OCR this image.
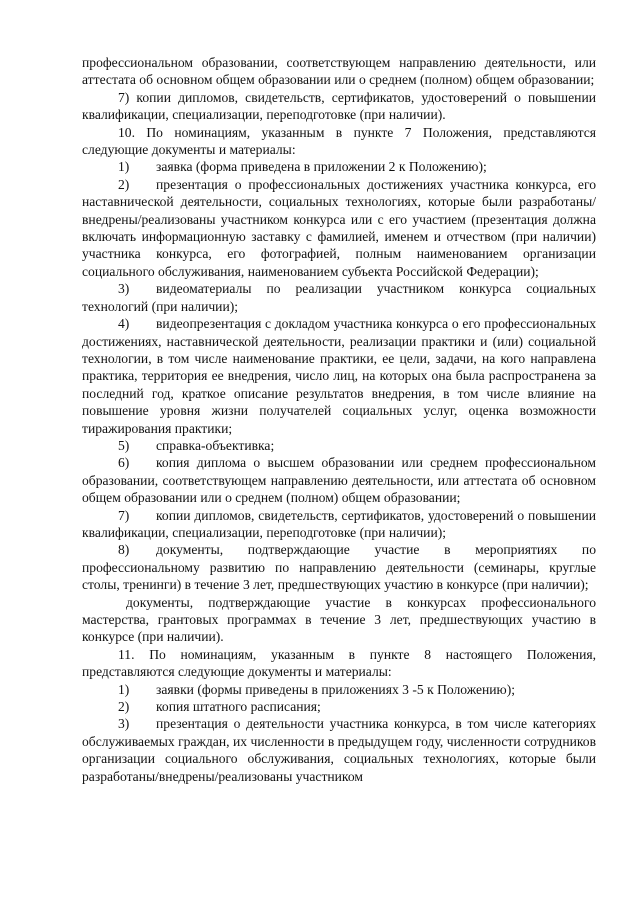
профессиональном образовании, соответствующем направлению деятельности, или аттестата об основном общем образовании или о среднем (полном) общем образовании;

7) копии дипломов, свидетельств, сертификатов, удостоверений о повышении квалификации, специализации, переподготовке (при наличии).

10. По номинациям, указанным в пункте 7 Положения, представляются следующие документы и материалы:

1) заявка (форма приведена в приложении 2 к Положению);

2) презентация о профессиональных достижениях участника конкурса, его наставнической деятельности, социальных технологиях, которые были разработаны/внедрены/реализованы участником конкурса или с его участием (презентация должна включать информационную заставку с фамилией, именем и отчеством (при наличии) участника конкурса, его фотографией, полным наименованием организации социального обслуживания, наименованием субъекта Российской Федерации);

3) видеоматериалы по реализации участником конкурса социальных технологий (при наличии);

4) видеопрезентация с докладом участника конкурса о его профессиональных достижениях, наставнической деятельности, реализации практики и (или) социальной технологии, в том числе наименование практики, ее цели, задачи, на кого направлена практика, территория ее внедрения, число лиц, на которых она была распространена за последний год, краткое описание результатов внедрения, в том числе влияние на повышение уровня жизни получателей социальных услуг, оценка возможности тиражирования практики;

5) справка-объективка;

6) копия диплома о высшем образовании или среднем профессиональном образовании, соответствующем направлению деятельности, или аттестата об основном общем образовании или о среднем (полном) общем образовании;

7) копии дипломов, свидетельств, сертификатов, удостоверений о повышении квалификации, специализации, переподготовке (при наличии);

8) документы, подтверждающие участие в мероприятиях по профессиональному развитию по направлению деятельности (семинары, круглые столы, тренинги) в течение 3 лет, предшествующих участию в конкурсе (при наличии);

документы, подтверждающие участие в конкурсах профессионального мастерства, грантовых программах в течение 3 лет, предшествующих участию в конкурсе (при наличии).

11. По номинациям, указанным в пункте 8 настоящего Положения, представляются следующие документы и материалы:

1) заявки (формы приведены в приложениях 3 -5 к Положению);

2) копия штатного расписания;

3) презентация о деятельности участника конкурса, в том числе категориях обслуживаемых граждан, их численности в предыдущем году, численности сотрудников организации социального обслуживания, социальных технологиях, которые были разработаны/внедрены/реализованы участником
